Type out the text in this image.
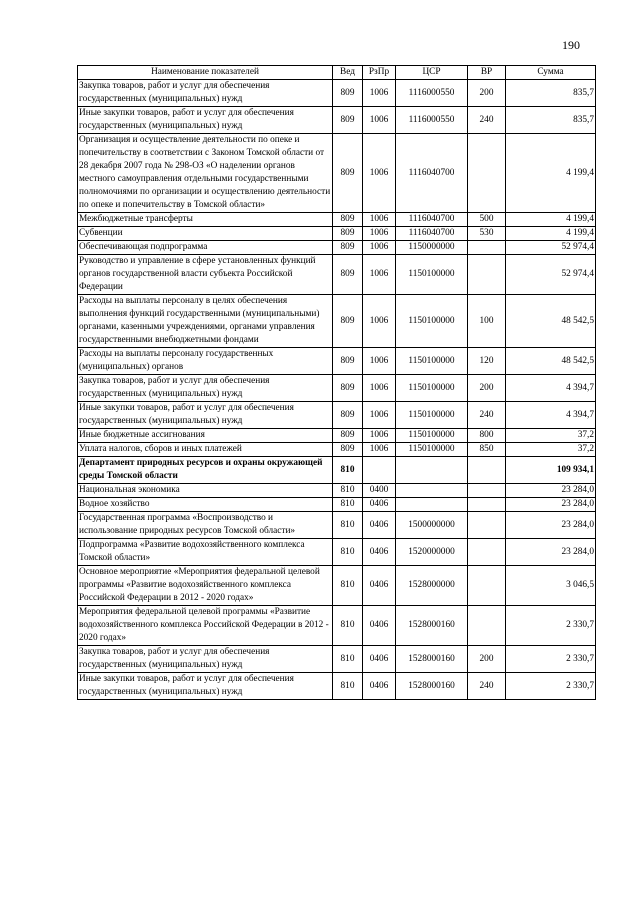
190
Наименование показателей	Вед	РзПр	ЦСР	ВР	Сумма
Закупка товаров, работ и услуг для обеспечения государственных (муниципальных) нужд	809	1006	1116000550	200	835,7
Иные закупки товаров, работ и услуг для обеспечения государственных (муниципальных) нужд	809	1006	1116000550	240	835,7
Организация и осуществление деятельности по опеке и попечительству в соответствии с Законом Томской области от 28 декабря 2007 года № 298-ОЗ «О наделении органов местного самоуправления отдельными государственными полномочиями по организации и осуществлению деятельности по опеке и попечительству в Томской области»	809	1006	1116040700		4 199,4
Межбюджетные трансферты	809	1006	1116040700	500	4 199,4
Субвенции	809	1006	1116040700	530	4 199,4
Обеспечивающая подпрограмма	809	1006	1150000000		52 974,4
Руководство и управление в сфере установленных функций органов государственной власти субъекта Российской Федерации	809	1006	1150100000		52 974,4
Расходы на выплаты персоналу в целях обеспечения выполнения функций государственными (муниципальными) органами, казенными учреждениями, органами управления государственными внебюджетными фондами	809	1006	1150100000	100	48 542,5
Расходы на выплаты персоналу государственных (муниципальных) органов	809	1006	1150100000	120	48 542,5
Закупка товаров, работ и услуг для обеспечения государственных (муниципальных) нужд	809	1006	1150100000	200	4 394,7
Иные закупки товаров, работ и услуг для обеспечения государственных (муниципальных) нужд	809	1006	1150100000	240	4 394,7
Иные бюджетные ассигнования	809	1006	1150100000	800	37,2
Уплата налогов, сборов и иных платежей	809	1006	1150100000	850	37,2
Департамент природных ресурсов и охраны окружающей среды Томской области	810				109 934,1
Национальная экономика	810	0400			23 284,0
Водное хозяйство	810	0406			23 284,0
Государственная программа «Воспроизводство и использование природных ресурсов Томской области»	810	0406	1500000000		23 284,0
Подпрограмма «Развитие водохозяйственного комплекса Томской области»	810	0406	1520000000		23 284,0
Основное мероприятие «Мероприятия федеральной целевой программы «Развитие водохозяйственного комплекса Российской Федерации в 2012 - 2020 годах»	810	0406	1528000000		3 046,5
Мероприятия федеральной целевой программы «Развитие водохозяйственного комплекса Российской Федерации в 2012 - 2020 годах»	810	0406	1528000160		2 330,7
Закупка товаров, работ и услуг для обеспечения государственных (муниципальных) нужд	810	0406	1528000160	200	2 330,7
Иные закупки товаров, работ и услуг для обеспечения государственных (муниципальных) нужд	810	0406	1528000160	240	2 330,7
